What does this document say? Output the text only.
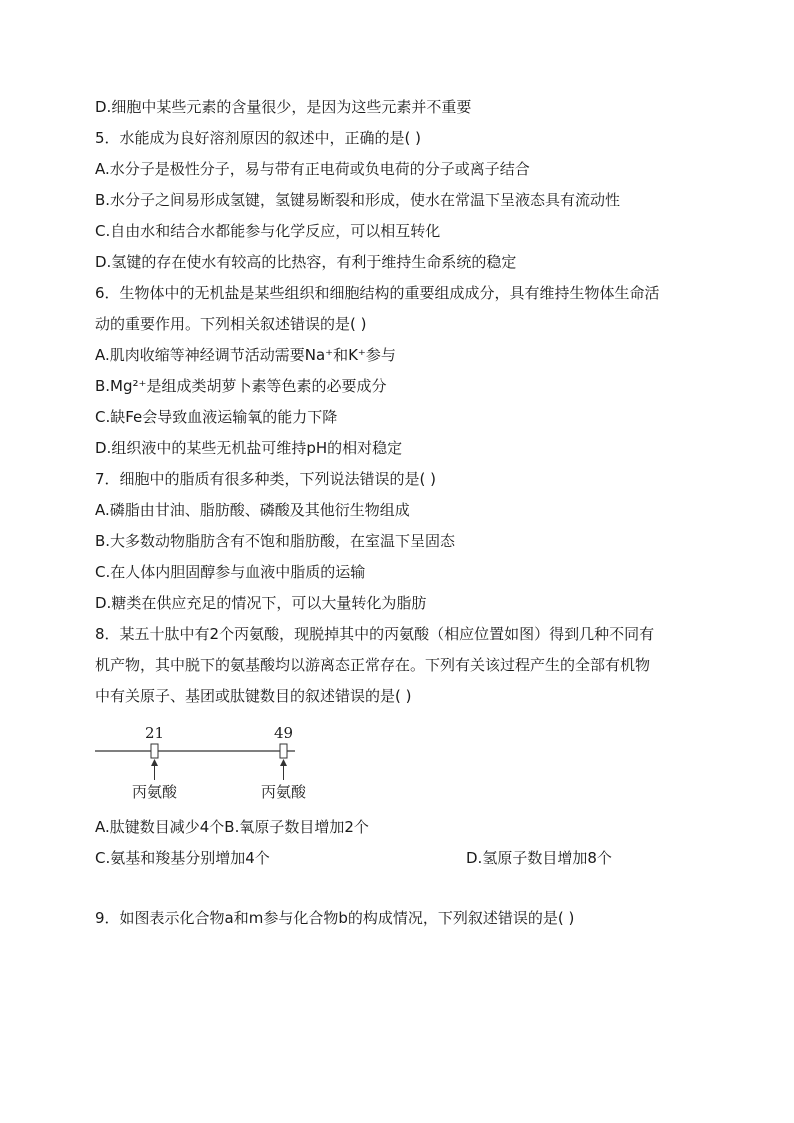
D.细胞中某些元素的含量很少，是因为这些元素并不重要
5．水能成为良好溶剂原因的叙述中，正确的是( )
A.水分子是极性分子，易与带有正电荷或负电荷的分子或离子结合
B.水分子之间易形成氢键，氢键易断裂和形成，使水在常温下呈液态具有流动性
C.自由水和结合水都能参与化学反应，可以相互转化
D.氢键的存在使水有较高的比热容，有利于维持生命系统的稳定
6．生物体中的无机盐是某些组织和细胞结构的重要组成成分，具有维持生物体生命活
动的重要作用。下列相关叙述错误的是( )
A.肌肉收缩等神经调节活动需要Na⁺和K⁺参与
B.Mg²⁺是组成类胡萝卜素等色素的必要成分
C.缺Fe会导致血液运输氧的能力下降
D.组织液中的某些无机盐可维持pH的相对稳定
7．细胞中的脂质有很多种类，下列说法错误的是( )
A.磷脂由甘油、脂肪酸、磷酸及其他衍生物组成
B.大多数动物脂肪含有不饱和脂肪酸，在室温下呈固态
C.在人体内胆固醇参与血液中脂质的运输
D.糖类在供应充足的情况下，可以大量转化为脂肪
8．某五十肽中有2个丙氨酸，现脱掉其中的丙氨酸（相应位置如图）得到几种不同有
机产物，其中脱下的氨基酸均以游离态正常存在。下列有关该过程产生的全部有机物
中有关原子、基团或肽键数目的叙述错误的是( )
A.肽键数目减少4个B.氧原子数目增加2个
9．如图表示化合物a和m参与化合物b的构成情况，下列叙述错误的是( )
C.氨基和羧基分别增加4个	D.氢原子数目增加8个
21	49
丙氨酸	丙氨酸
